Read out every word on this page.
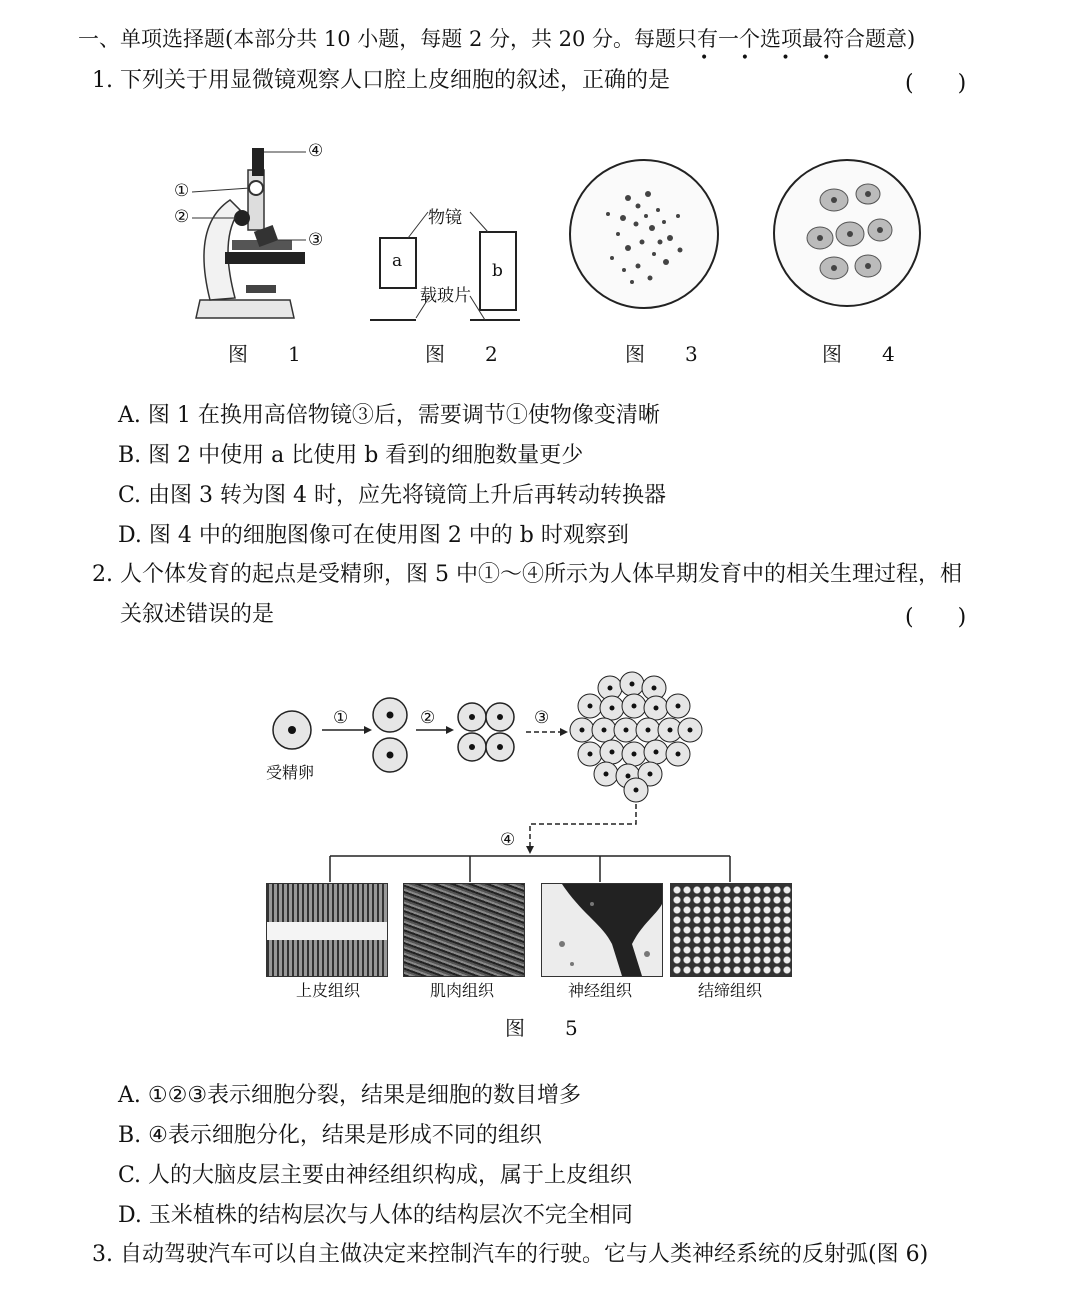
一、单项选择题(本部分共 10 小题，每题 2 分，共 20 分。每题只有一个选项最符合题意)
• • • •
1. 下列关于用显微镜观察人口腔上皮细胞的叙述，正确的是	(　　)
①
②
③
④
图　1
物镜
载玻片
a	b
图　2	图　3	图　4
A. 图 1 在换用高倍物镜③后，需要调节①使物像变清晰
B. 图 2 中使用 a 比使用 b 看到的细胞数量更少
C. 由图 3 转为图 4 时，应先将镜筒上升后再转动转换器
D. 图 4 中的细胞图像可在使用图 2 中的 b 时观察到
2. 人个体发育的起点是受精卵，图 5 中①～④所示为人体早期发育中的相关生理过程，相
关叙述错误的是	(　　)
①	②	③
④
受精卵
上皮组织	肌肉组织	神经组织	结缔组织
图　5
A. ①②③表示细胞分裂，结果是细胞的数目增多
B. ④表示细胞分化，结果是形成不同的组织
C. 人的大脑皮层主要由神经组织构成，属于上皮组织
D. 玉米植株的结构层次与人体的结构层次不完全相同
3. 自动驾驶汽车可以自主做决定来控制汽车的行驶。它与人类神经系统的反射弧(图 6)
